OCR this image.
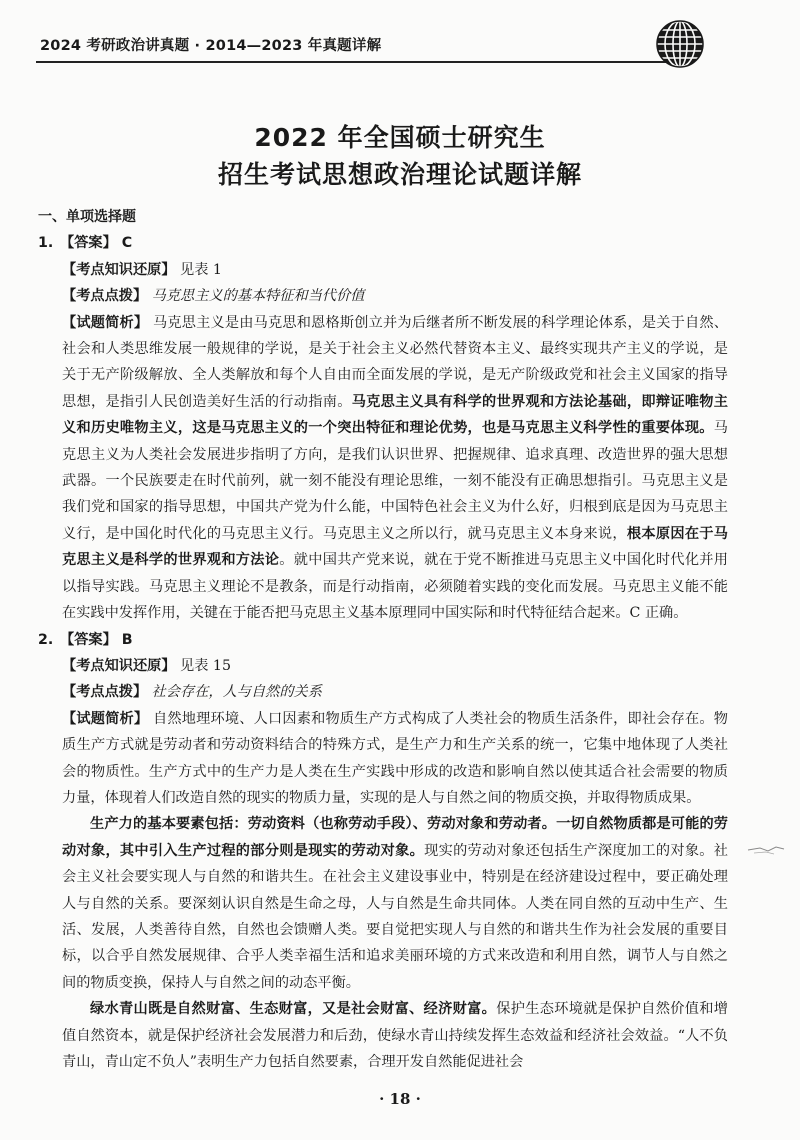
2024 考研政治讲真题 · 2014—2023 年真题详解
2022 年全国硕士研究生
招生考试思想政治理论试题详解
一、单项选择题
1. 【答案】 C
【考点知识还原】 见表 1
【考点点拨】 马克思主义的基本特征和当代价值

【试题简析】 马克思主义是由马克思和恩格斯创立并为后继者所不断发展的科学理论体系，是关于自然、社会和人类思维发展一般规律的学说，是关于社会主义必然代替资本主义、最终实现共产主义的学说，是关于无产阶级解放、全人类解放和每个人自由而全面发展的学说，是无产阶级政党和社会主义国家的指导思想，是指引人民创造美好生活的行动指南。马克思主义具有科学的世界观和方法论基础，即辩证唯物主义和历史唯物主义，这是马克思主义的一个突出特征和理论优势，也是马克思主义科学性的重要体现。马克思主义为人类社会发展进步指明了方向，是我们认识世界、把握规律、追求真理、改造世界的强大思想武器。一个民族要走在时代前列，就一刻不能没有理论思维，一刻不能没有正确思想指引。马克思主义是我们党和国家的指导思想，中国共产党为什么能，中国特色社会主义为什么好，归根到底是因为马克思主义行，是中国化时代化的马克思主义行。马克思主义之所以行，就马克思主义本身来说，根本原因在于马克思主义是科学的世界观和方法论。就中国共产党来说，就在于党不断推进马克思主义中国化时代化并用以指导实践。马克思主义理论不是教条，而是行动指南，必须随着实践的变化而发展。马克思主义能不能在实践中发挥作用，关键在于能否把马克思主义基本原理同中国实际和时代特征结合起来。C 正确。

2. 【答案】 B
【考点知识还原】 见表 15
【考点点拨】 社会存在，人与自然的关系

【试题简析】 自然地理环境、人口因素和物质生产方式构成了人类社会的物质生活条件，即社会存在。物质生产方式就是劳动者和劳动资料结合的特殊方式，是生产力和生产关系的统一，它集中地体现了人类社会的物质性。生产方式中的生产力是人类在生产实践中形成的改造和影响自然以使其适合社会需要的物质力量，体现着人们改造自然的现实的物质力量，实现的是人与自然之间的物质交换，并取得物质成果。

生产力的基本要素包括：劳动资料（也称劳动手段）、劳动对象和劳动者。一切自然物质都是可能的劳动对象，其中引入生产过程的部分则是现实的劳动对象。现实的劳动对象还包括生产深度加工的对象。社会主义社会要实现人与自然的和谐共生。在社会主义建设事业中，特别是在经济建设过程中，要正确处理人与自然的关系。要深刻认识自然是生命之母，人与自然是生命共同体。人类在同自然的互动中生产、生活、发展，人类善待自然，自然也会馈赠人类。要自觉把实现人与自然的和谐共生作为社会发展的重要目标，以合乎自然发展规律、合乎人类幸福生活和追求美丽环境的方式来改造和利用自然，调节人与自然之间的物质变换，保持人与自然之间的动态平衡。

绿水青山既是自然财富、生态财富，又是社会财富、经济财富。保护生态环境就是保护自然价值和增值自然资本，就是保护经济社会发展潜力和后劲，使绿水青山持续发挥生态效益和经济社会效益。“人不负青山，青山定不负人”表明生产力包括自然要素，合理开发自然能促进社会

· 18 ·
